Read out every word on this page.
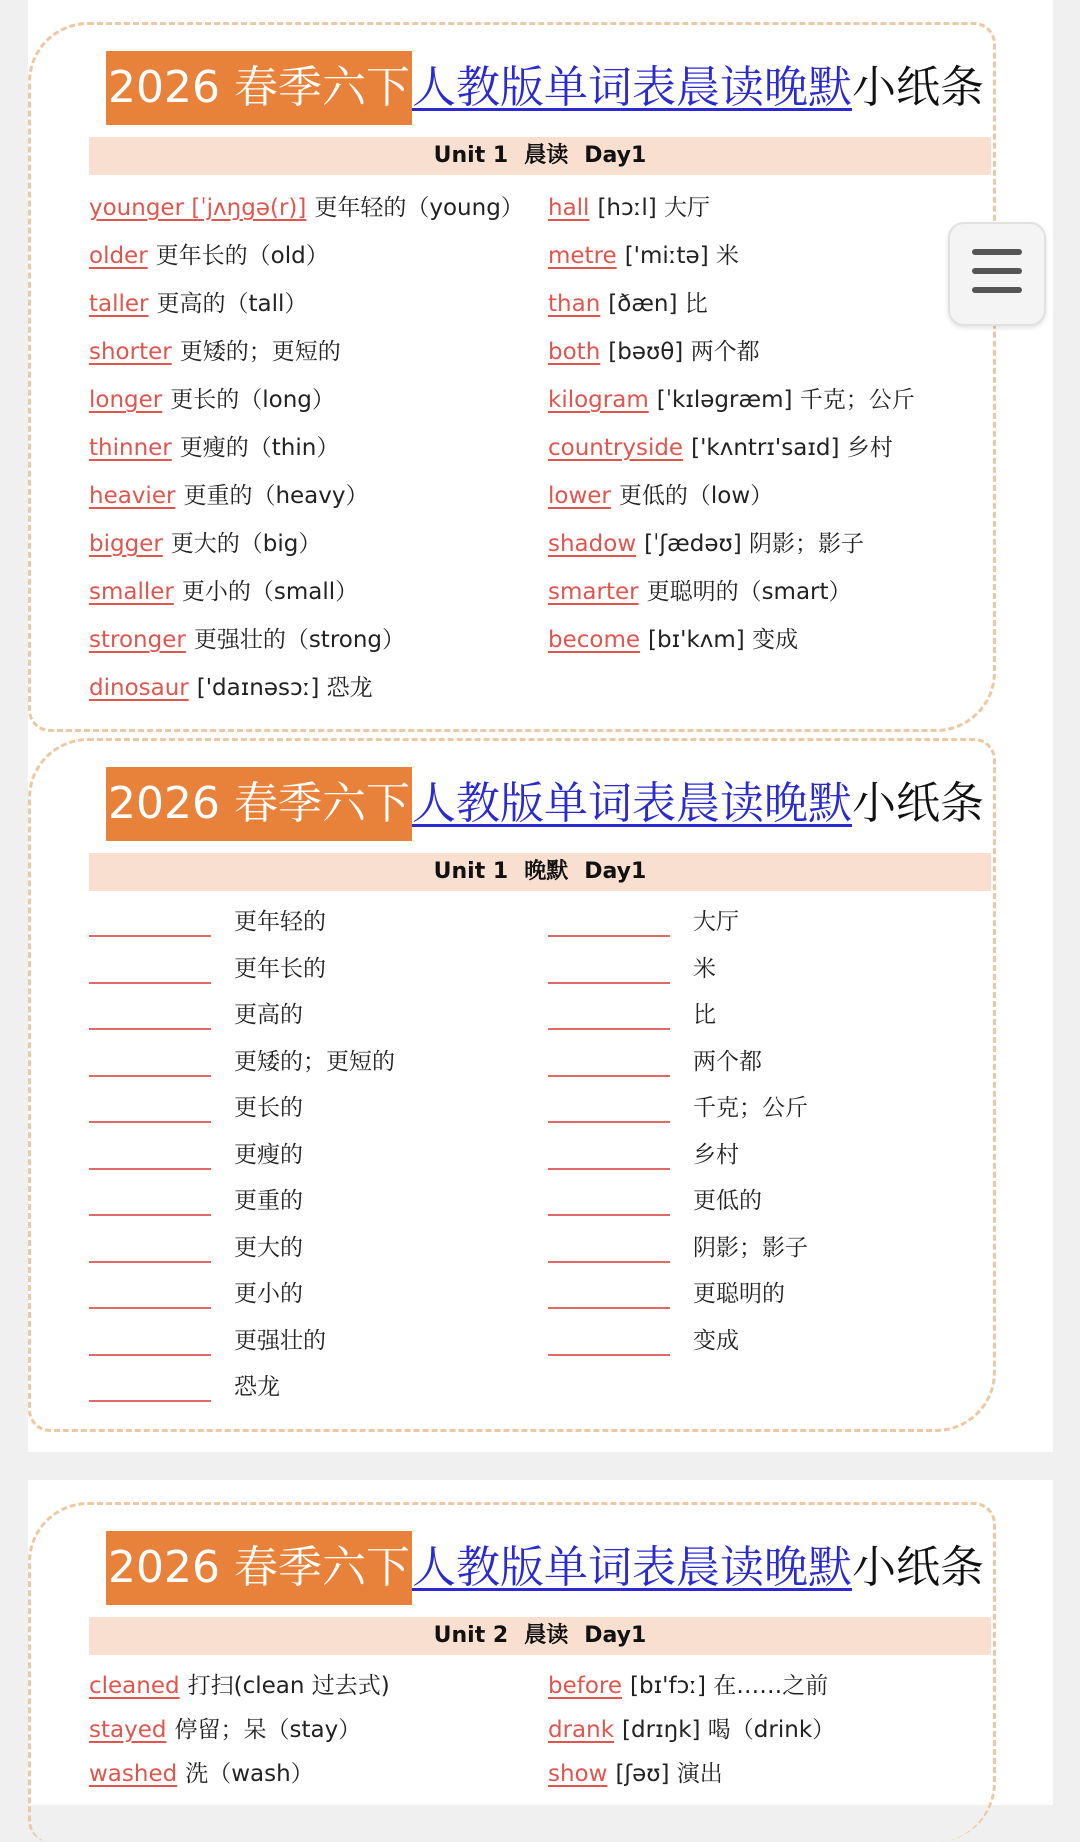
2026 春季六下 人教版单词表晨读晚默 小纸条
Unit 1 晨读 Day1
younger [ˈjʌŋgə(r)] 更年轻的（young）
older 更年长的（old）
taller 更高的（tall）
shorter 更矮的；更短的
longer 更长的（long）
thinner 更瘦的（thin）
heavier 更重的（heavy）
bigger 更大的（big）
smaller 更小的（small）
stronger 更强壮的（strong）
dinosaur ['daɪnəsɔː] 恐龙
hall [hɔːl] 大厅
metre ['miːtə] 米
than [ðæn] 比
both [bəʊθ] 两个都
kilogram [ˈkɪləgræm] 千克；公斤
countryside ['kʌntrɪ'saɪd] 乡村
lower 更低的（low）
shadow [ˈʃædəʊ] 阴影；影子
smarter 更聪明的（smart）
become [bɪ'kʌm] 变成
2026 春季六下 人教版单词表晨读晚默 小纸条
Unit 1 晚默 Day1
更年轻的
更年长的
更高的
更矮的；更短的
更长的
更瘦的
更重的
更大的
更小的
更强壮的
恐龙
大厅
米
比
两个都
千克；公斤
乡村
更低的
阴影；影子
更聪明的
变成
2026 春季六下 人教版单词表晨读晚默 小纸条
Unit 2 晨读 Day1
cleaned 打扫(clean 过去式)
stayed 停留；呆（stay）
washed 洗（wash）
before [bɪ'fɔː] 在……之前
drank [drɪŋk] 喝（drink）
show [ʃəʊ] 演出
